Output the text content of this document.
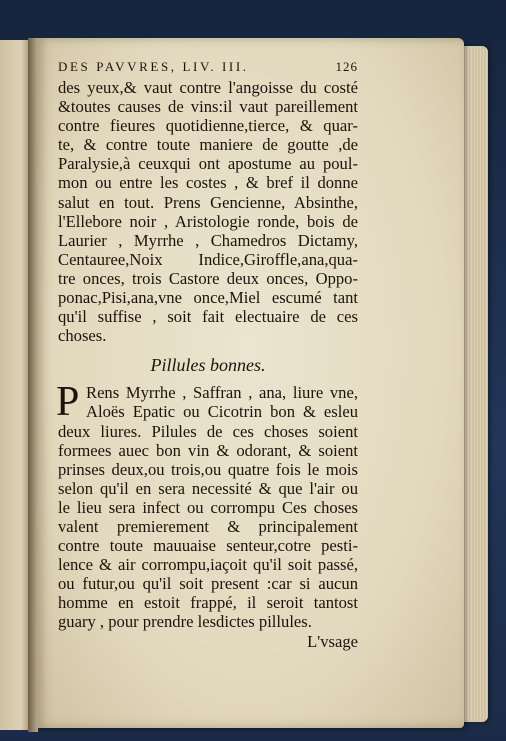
DES PAVVRES, LIV. III.	126
des yeux,& vaut contre l'angoisse du costé
&toutes causes de vins:il vaut pareillement
contre fieures quotidienne,tierce, & quar-
te, & contre toute maniere de goutte ,de
Paralysie,à ceuxqui ont apostume au poul-
mon ou entre les costes , & bref il donne
salut en tout. Prens Gencienne, Absinthe,
l'Ellebore noir , Aristologie ronde, bois de
Laurier , Myrrhe , Chamedros Dictamy,
Centauree,Noix Indice,Giroffle,ana,qua-
tre onces, trois Castore deux onces, Oppo-
ponac,Pisi,ana,vne once,Miel escumé tant
qu'il suffise , soit fait electuaire de ces
choses.
Pillules bonnes.
P Rens Myrrhe , Saffran , ana, liure vne,
Aloës Epatic ou Cicotrin bon & esleu
deux liures. Pilules de ces choses soient
formees auec bon vin & odorant, & soient
prinses deux,ou trois,ou quatre fois le mois
selon qu'il en sera necessité & que l'air ou
le lieu sera infect ou corrompu Ces choses
valent premierement & principalement
contre toute mauuaise senteur,cotre pesti-
lence & air corrompu,iaçoit qu'il soit passé,
ou futur,ou qu'il soit present :car si aucun
homme en estoit frappé, il seroit tantost
guary , pour prendre lesdictes pillules.
L'vsage
